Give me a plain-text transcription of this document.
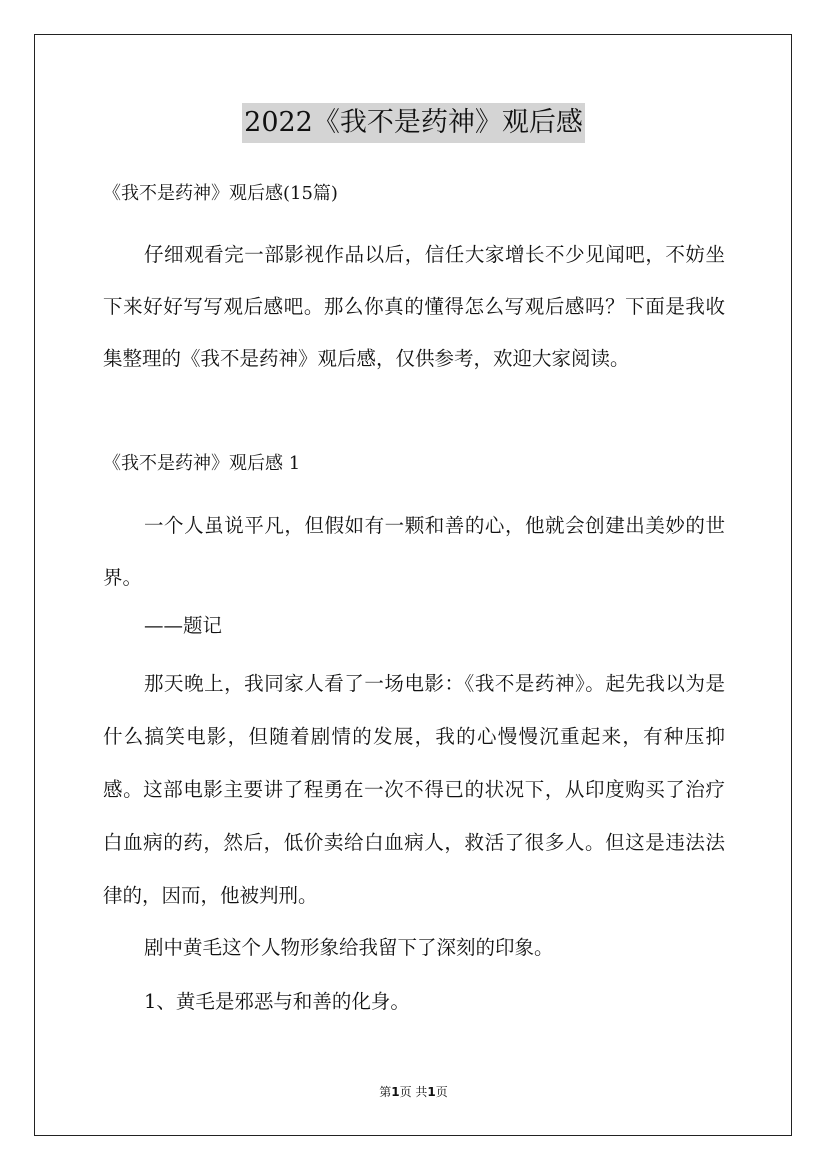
2022《我不是药神》观后感
《我不是药神》观后感(15篇)
仔细观看完一部影视作品以后，信任大家增长不少见闻吧，不妨坐下来好好写写观后感吧。那么你真的懂得怎么写观后感吗？下面是我收集整理的《我不是药神》观后感，仅供参考，欢迎大家阅读。
《我不是药神》观后感 1
一个人虽说平凡，但假如有一颗和善的心，他就会创建出美妙的世界。
——题记
那天晚上，我同家人看了一场电影：《我不是药神》。起先我以为是什么搞笑电影，但随着剧情的发展，我的心慢慢沉重起来，有种压抑感。这部电影主要讲了程勇在一次不得已的状况下，从印度购买了治疗白血病的药，然后，低价卖给白血病人，救活了很多人。但这是违法法律的，因而，他被判刑。
剧中黄毛这个人物形象给我留下了深刻的印象。
1、黄毛是邪恶与和善的化身。
第1页 共1页
